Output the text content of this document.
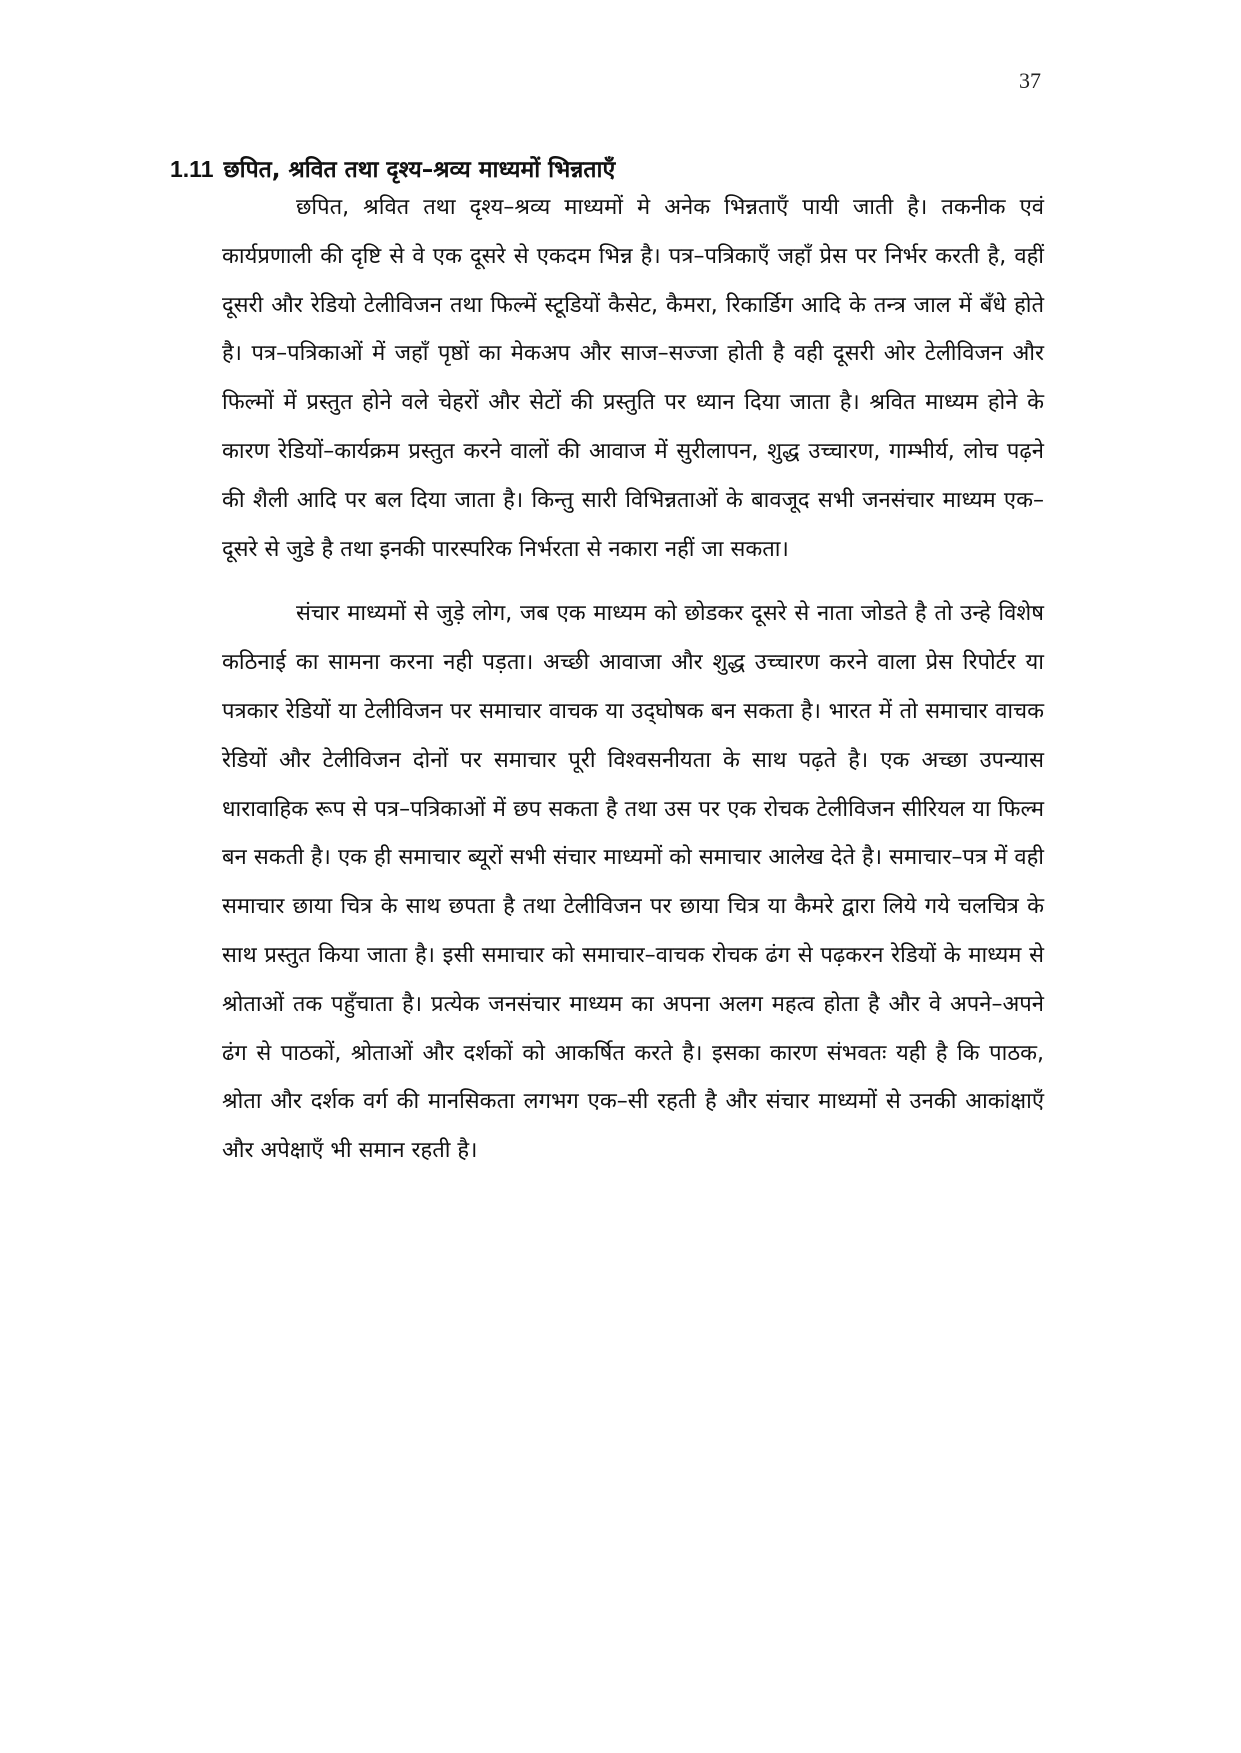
37
1.11 छपित, श्रवित तथा दृश्य–श्रव्य माध्यमों भिन्नताएँ

छपित, श्रवित तथा दृश्य–श्रव्य माध्यमों मे अनेक भिन्नताएँ पायी जाती है। तकनीक एवं कार्यप्रणाली की दृष्टि से वे एक दूसरे से एकदम भिन्न है। पत्र–पत्रिकाएँ जहाँ प्रेस पर निर्भर करती है, वहीं दूसरी और रेडियो टेलीविजन तथा फिल्में स्टूडियों कैसेट, कैमरा, रिकार्डिग आदि के तन्त्र जाल में बँधे होते है। पत्र–पत्रिकाओं में जहाँ पृष्ठों का मेकअप और साज–सज्जा होती है वही दूसरी ओर टेलीविजन और फिल्मों में प्रस्तुत होने वले चेहरों और सेटों की प्रस्तुति पर ध्यान दिया जाता है। श्रवित माध्यम होने के कारण रेडियों–कार्यक्रम प्रस्तुत करने वालों की आवाज में सुरीलापन, शुद्ध उच्चारण, गाम्भीर्य, लोच पढ़ने की शैली आदि पर बल दिया जाता है। किन्तु सारी विभिन्नताओं के बावजूद सभी जनसंचार माध्यम एक–दूसरे से जुडे है तथा इनकी पारस्परिक निर्भरता से नकारा नहीं जा सकता।

संचार माध्यमों से जुड़े लोग, जब एक माध्यम को छोडकर दूसरे से नाता जोडते है तो उन्हे विशेष कठिनाई का सामना करना नही पड़ता। अच्छी आवाजा और शुद्ध उच्चारण करने वाला प्रेस रिपोर्टर या पत्रकार रेडियों या टेलीविजन पर समाचार वाचक या उद्‌घोषक बन सकता है। भारत में तो समाचार वाचक रेडियों और टेलीविजन दोनों पर समाचार पूरी विश्वसनीयता के साथ पढ़ते है। एक अच्छा उपन्यास धारावाहिक रूप से पत्र–पत्रिकाओं में छप सकता है तथा उस पर एक रोचक टेलीविजन सीरियल या फिल्म बन सकती है। एक ही समाचार ब्यूरों सभी संचार माध्यमों को समाचार आलेख देते है। समाचार–पत्र में वही समाचार छाया चित्र के साथ छपता है तथा टेलीविजन पर छाया चित्र या कैमरे द्वारा लिये गये चलचित्र के साथ प्रस्तुत किया जाता है। इसी समाचार को समाचार–वाचक रोचक ढंग से पढ़करन रेडियों के माध्यम से श्रोताओं तक पहुँचाता है। प्रत्येक जनसंचार माध्यम का अपना अलग महत्व होता है और वे अपने–अपने ढंग से पाठकों, श्रोताओं और दर्शकों को आकर्षित करते है। इसका कारण संभवतः यही है कि पाठक, श्रोता और दर्शक वर्ग की मानसिकता लगभग एक–सी रहती है और संचार माध्यमों से उनकी आकांक्षाएँ और अपेक्षाएँ भी समान रहती है।
